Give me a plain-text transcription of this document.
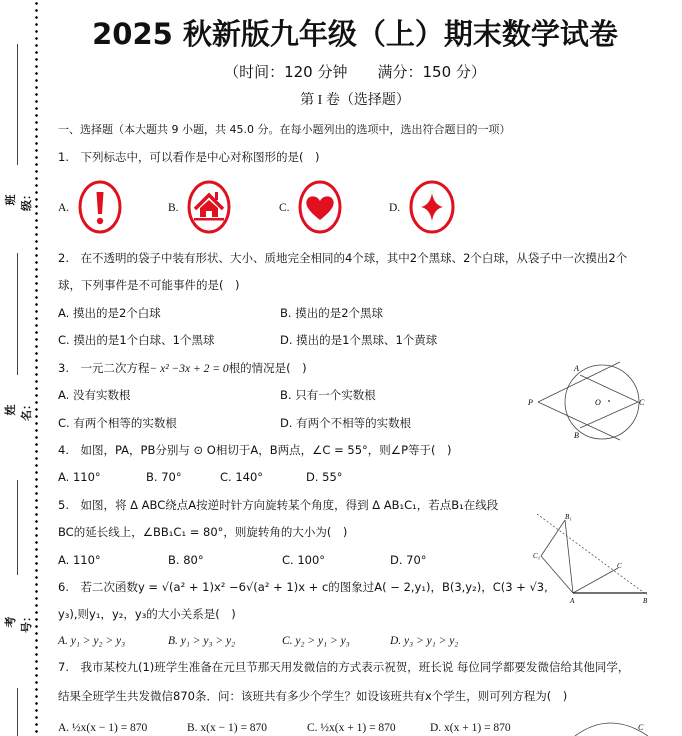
班级：
姓名：
考号：
2025 秋新版九年级（上）期末数学试卷
（时间：120 分钟　　满分：150 分）
第 I 卷（选择题）
一、选择题（本大题共 9 小题，共 45.0 分。在每小题列出的选项中，选出符合题目的一项）
1.　下列标志中，可以看作是中心对称图形的是(　)
A.	B.	C.	D.
2.　在不透明的袋子中装有形状、大小、质地完全相同的4个球，其中2个黑球、2个白球，从袋子中一次摸出2个
球，下列事件是不可能事件的是(　)
A. 摸出的是2个白球	B. 摸出的是2个黑球
C. 摸出的是1个白球、1个黑球	D. 摸出的是1个黑球、1个黄球
3.　一元二次方程− x² −3x + 2 = 0根的情况是(　)
A. 没有实数根	B. 只有一个实数根
C. 有两个相等的实数根	D. 有两个不相等的实数根
A
P	O	C
B
4.　如图，PA，PB分别与 ⊙ O相切于A，B两点，∠C = 55°，则∠P等于(　)
A. 110°	B. 70°	C. 140°	D. 55°
5.　如图，将 Δ ABC绕点A按逆时针方向旋转某个角度，得到 Δ AB₁C₁，若点B₁在线段
BC的延长线上，∠BB₁C₁ = 80°，则旋转角的大小为(　)
A. 110°	B. 80°	C. 100°	D. 70°
B₁
C₁
C
A	B
6.　若二次函数y = √(a² + 1)x² −6√(a² + 1)x + c的图象过A( − 2,y₁)，B(3,y₂)，C(3 + √3,
y₃),则y₁，y₂，y₃的大小关系是(　)
A. y₁ > y₂ > y₃	B. y₁ > y₃ > y₂	C. y₂ > y₁ > y₃	D. y₃ > y₁ > y₂
7.　我市某校九(1)班学生准备在元旦节那天用发微信的方式表示祝贺，班长说 每位同学都要发微信给其他同学，
结果全班学生共发微信870条．问：该班共有多少个学生？如设该班共有x个学生，则可列方程为(　)
A. ½x(x − 1) = 870	B. x(x − 1) = 870	C. ½x(x + 1) = 870	D. x(x + 1) = 870	C
